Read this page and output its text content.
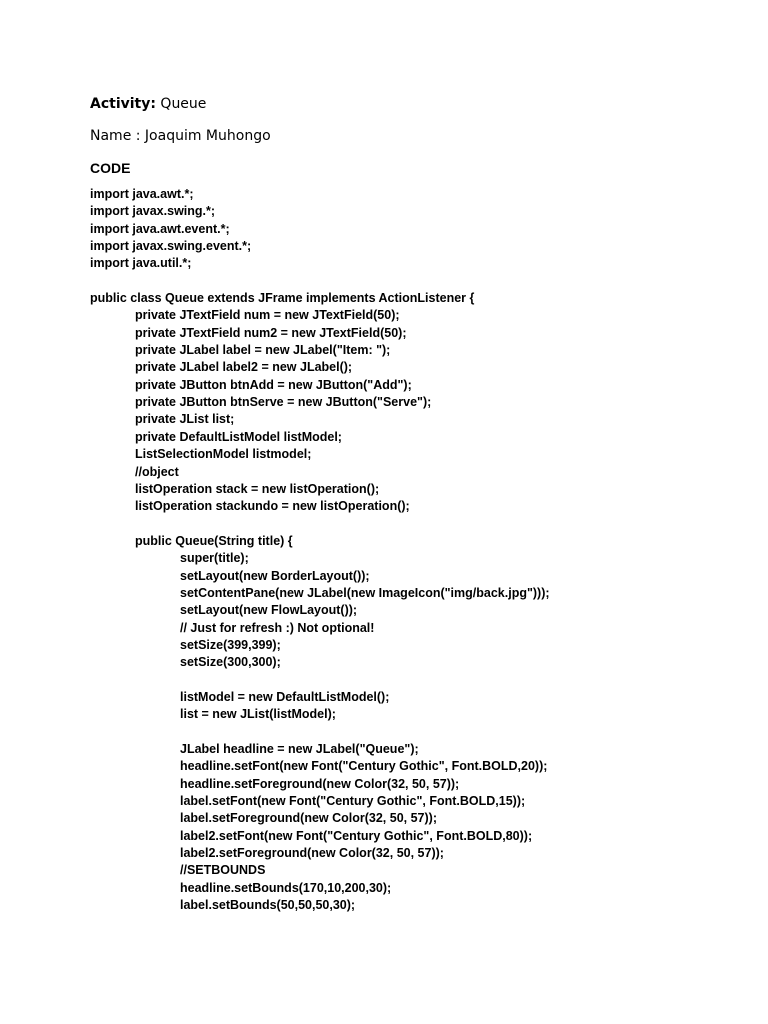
Activity: Queue
Name : Joaquim Muhongo
CODE
import java.awt.*;
import javax.swing.*;
import java.awt.event.*;
import javax.swing.event.*;
import java.util.*;
public class Queue extends JFrame implements ActionListener {
private JTextField num = new JTextField(50);
private JTextField num2 = new JTextField(50);
private JLabel label = new JLabel("Item: ");
private JLabel label2 = new JLabel();
private JButton btnAdd = new JButton("Add");
private JButton btnServe = new JButton("Serve");
private JList list;
private DefaultListModel listModel;
ListSelectionModel listmodel;
//object
listOperation stack = new listOperation();
listOperation stackundo = new listOperation();
public Queue(String title) {
super(title);
setLayout(new BorderLayout());
setContentPane(new JLabel(new ImageIcon("img/back.jpg")));
setLayout(new FlowLayout());
// Just for refresh :) Not optional!
setSize(399,399);
setSize(300,300);
listModel = new DefaultListModel();
list = new JList(listModel);
JLabel headline = new JLabel("Queue");
headline.setFont(new Font("Century Gothic", Font.BOLD,20));
headline.setForeground(new Color(32, 50, 57));
label.setFont(new Font("Century Gothic", Font.BOLD,15));
label.setForeground(new Color(32, 50, 57));
label2.setFont(new Font("Century Gothic", Font.BOLD,80));
label2.setForeground(new Color(32, 50, 57));
//SETBOUNDS
headline.setBounds(170,10,200,30);
label.setBounds(50,50,50,30);
